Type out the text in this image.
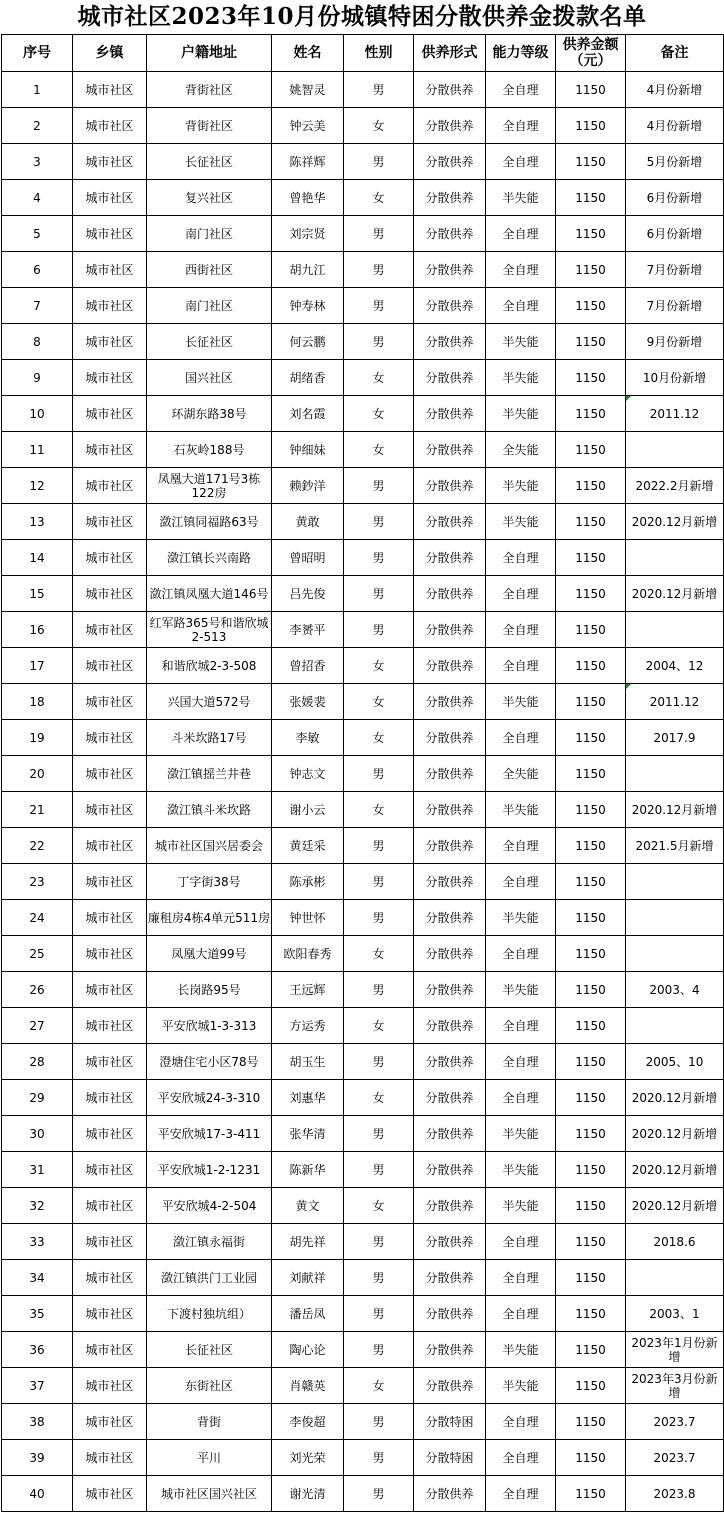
城市社区2023年10月份城镇特困分散供养金拨款名单
序号	乡镇	户籍地址	姓名	性别	供养形式	能力等级	供养金额（元）	备注
1	城市社区	背街社区	姚智灵	男	分散供养	全自理	1150	4月份新增
2	城市社区	背街社区	钟云美	女	分散供养	全自理	1150	4月份新增
3	城市社区	长征社区	陈祥辉	男	分散供养	全自理	1150	5月份新增
4	城市社区	复兴社区	曾艳华	女	分散供养	半失能	1150	6月份新增
5	城市社区	南门社区	刘宗贤	男	分散供养	全自理	1150	6月份新增
6	城市社区	西街社区	胡九江	男	分散供养	全自理	1150	7月份新增
7	城市社区	南门社区	钟寿林	男	分散供养	全自理	1150	7月份新增
8	城市社区	长征社区	何云鹏	男	分散供养	半失能	1150	9月份新增
9	城市社区	国兴社区	胡绪香	女	分散供养	半失能	1150	10月份新增
10	城市社区	环湖东路38号	刘名霞	女	分散供养	半失能	1150	2011.12
11	城市社区	石灰岭188号	钟细妹	女	分散供养	全失能	1150	
12	城市社区	凤凰大道171号3栋122房	赖鈔洋	男	分散供养	半失能	1150	2022.2月新增
13	城市社区	潋江镇同福路63号	黄敢	男	分散供养	半失能	1150	2020.12月新增
14	城市社区	潋江镇长兴南路	曾昭明	男	分散供养	全自理	1150	
15	城市社区	潋江镇凤凰大道146号	吕先俊	男	分散供养	全自理	1150	2020.12月新增
16	城市社区	红军路365号和谐欣城2-513	李赟平	男	分散供养	全自理	1150	
17	城市社区	和谐欣城2-3-508	曾招香	女	分散供养	全自理	1150	2004、12
18	城市社区	兴国大道572号	张媛裴	女	分散供养	半失能	1150	2011.12
19	城市社区	斗米坎路17号	李敏	女	分散供养	全自理	1150	2017.9
20	城市社区	潋江镇摇兰井巷	钟志文	男	分散供养	全失能	1150	
21	城市社区	潋江镇斗米坎路	谢小云	女	分散供养	半失能	1150	2020.12月新增
22	城市社区	城市社区国兴居委会	黄廷采	男	分散供养	全自理	1150	2021.5月新增
23	城市社区	丁字街38号	陈承彬	男	分散供养	全自理	1150	
24	城市社区	廉租房4栋4单元511房	钟世怀	男	分散供养	半失能	1150	
25	城市社区	凤凰大道99号	欧阳春秀	女	分散供养	全自理	1150	
26	城市社区	长岗路95号	王远辉	男	分散供养	半失能	1150	2003、4
27	城市社区	平安欣城1-3-313	方运秀	女	分散供养	全自理	1150	
28	城市社区	澄塘住宅小区78号	胡玉生	男	分散供养	全自理	1150	2005、10
29	城市社区	平安欣城24-3-310	刘惠华	女	分散供养	全自理	1150	2020.12月新增
30	城市社区	平安欣城17-3-411	张华清	男	分散供养	半失能	1150	2020.12月新增
31	城市社区	平安欣城1-2-1231	陈新华	男	分散供养	半失能	1150	2020.12月新增
32	城市社区	平安欣城4-2-504	黄文	女	分散供养	半失能	1150	2020.12月新增
33	城市社区	潋江镇永福街	胡先祥	男	分散供养	全自理	1150	2018.6
34	城市社区	潋江镇洪门工业园	刘献祥	男	分散供养	全自理	1150	
35	城市社区	下渡村独坑组）	潘岳凤	男	分散供养	全自理	1150	2003、1
36	城市社区	长征社区	陶心论	男	分散供养	半失能	1150	2023年1月份新增
37	城市社区	东街社区	肖赣英	女	分散供养	半失能	1150	2023年3月份新增
38	城市社区	背街	李俊超	男	分散特困	全自理	1150	2023.7
39	城市社区	平川	刘光荣	男	分散特困	全自理	1150	2023.7
40	城市社区	城市社区国兴社区	谢光清	男	分散供养	全自理	1150	2023.8
